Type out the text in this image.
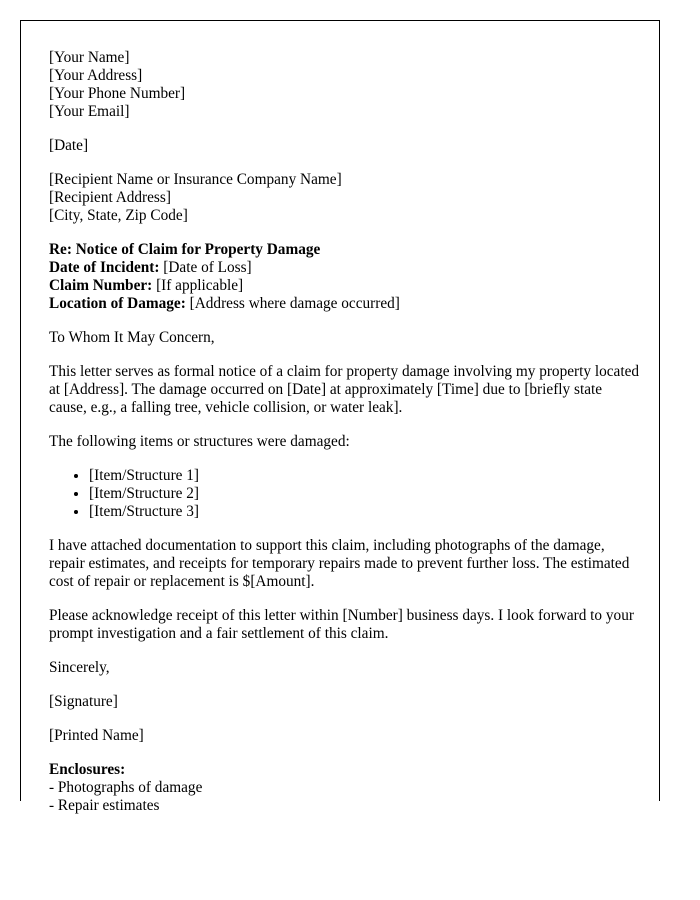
[Your Name]
[Your Address]
[Your Phone Number]
[Your Email]

[Date]

[Recipient Name or Insurance Company Name]
[Recipient Address]
[City, State, Zip Code]

Re: Notice of Claim for Property Damage
Date of Incident: [Date of Loss]
Claim Number: [If applicable]
Location of Damage: [Address where damage occurred]

To Whom It May Concern,

This letter serves as formal notice of a claim for property damage involving my property located at [Address]. The damage occurred on [Date] at approximately [Time] due to [briefly state cause, e.g., a falling tree, vehicle collision, or water leak].

The following items or structures were damaged:

• [Item/Structure 1]
• [Item/Structure 2]
• [Item/Structure 3]

I have attached documentation to support this claim, including photographs of the damage, repair estimates, and receipts for temporary repairs made to prevent further loss. The estimated cost of repair or replacement is $[Amount].

Please acknowledge receipt of this letter within [Number] business days. I look forward to your prompt investigation and a fair settlement of this claim.

Sincerely,

[Signature]

[Printed Name]

Enclosures:
- Photographs of damage
- Repair estimates
